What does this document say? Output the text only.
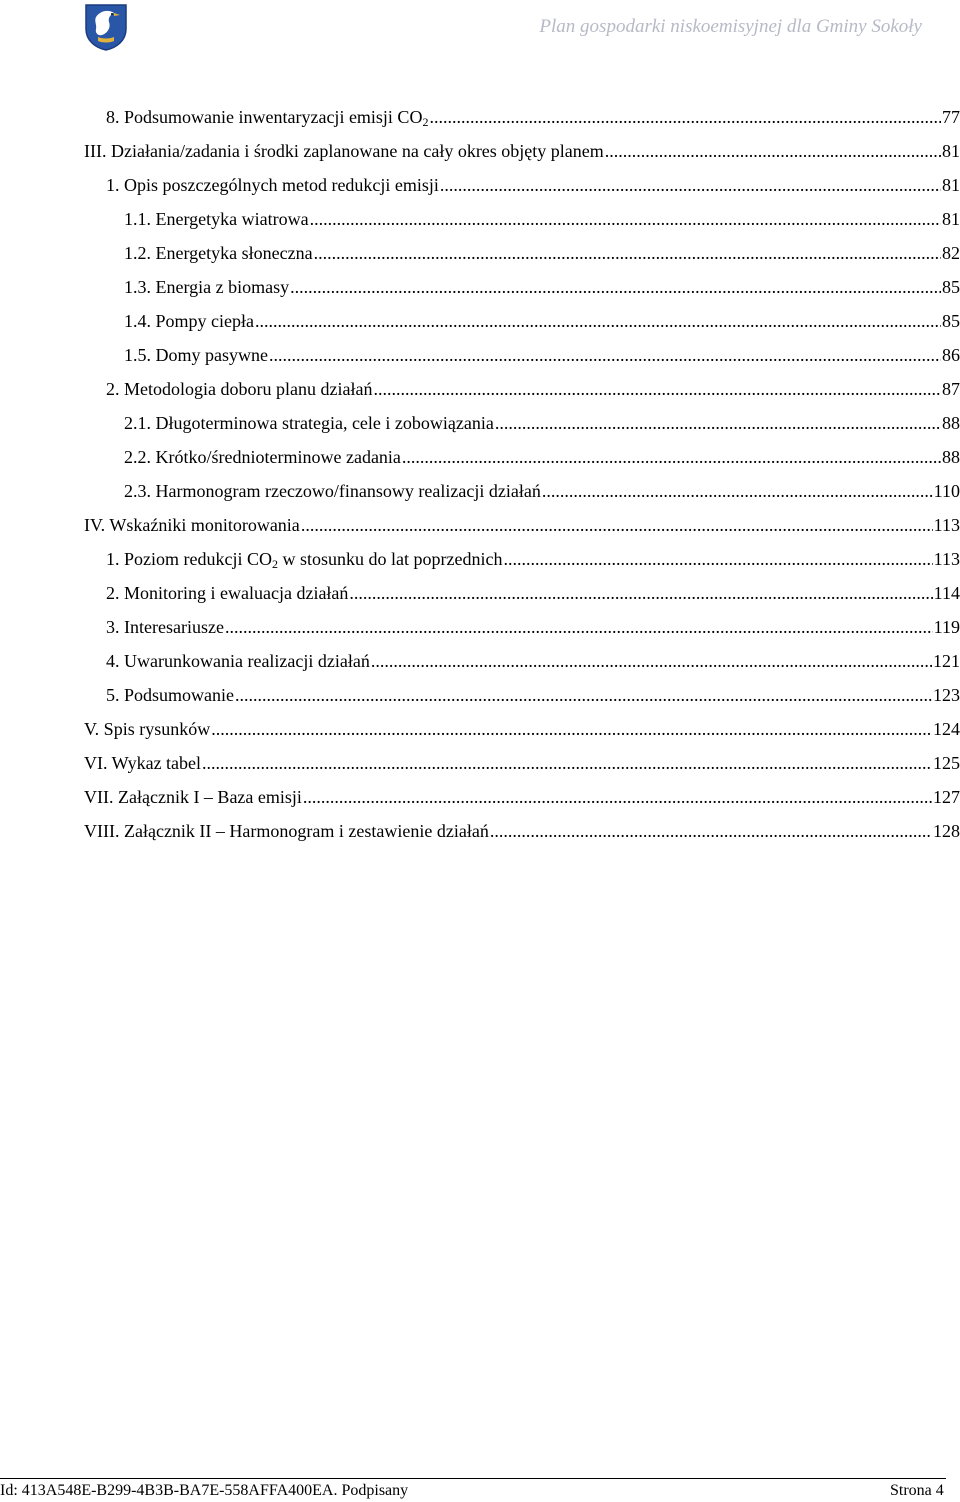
Plan gospodarki niskoemisyjnej dla Gminy Sokoły
8. Podsumowanie inwentaryzacji emisji $CO_2$ .....	77
III. Działania/zadania i środki zaplanowane na cały okres objęty planem .....	81
1. Opis poszczególnych metod redukcji emisji .....	81
1.1. Energetyka wiatrowa .....	81
1.2. Energetyka słoneczna .....	82
1.3. Energia z biomasy .....	85
1.4. Pompy ciepła .....	85
1.5. Domy pasywne .....	86
2. Metodologia doboru planu działań .....	87
2.1. Długoterminowa strategia, cele i zobowiązania .....	88
2.2. Krótko/średnioterminowe zadania .....	88
2.3. Harmonogram rzeczowo/finansowy realizacji działań .....	110
IV. Wskaźniki monitorowania .....	113
1. Poziom redukcji $CO_2$ w stosunku do lat poprzednich .....	113
2. Monitoring i ewaluacja działań .....	114
3. Interesariusze .....	119
4. Uwarunkowania realizacji działań .....	121
5. Podsumowanie .....	123
V. Spis rysunków .....	124
VI. Wykaz tabel .....	125
VII. Załącznik I – Baza emisji .....	127
VIII. Załącznik II – Harmonogram i zestawienie działań .....	128
Id: 413A548E-B299-4B3B-BA7E-558AFFA400EA. Podpisany	Strona 4
